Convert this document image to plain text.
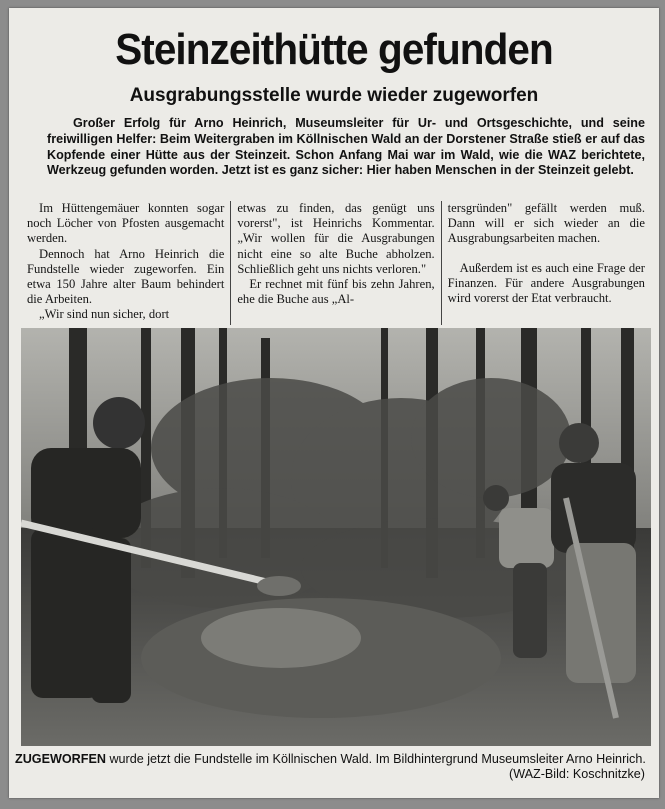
Steinzeithütte gefunden
Ausgrabungsstelle wurde wieder zugeworfen
Großer Erfolg für Arno Heinrich, Museumsleiter für Ur- und Ortsgeschichte, und seine freiwilligen Helfer: Beim Weitergraben im Köllnischen Wald an der Dorstener Straße stieß er auf das Kopfende einer Hütte aus der Steinzeit. Schon Anfang Mai war im Wald, wie die WAZ berichtete, Werkzeug gefunden worden. Jetzt ist es ganz sicher: Hier haben Menschen in der Steinzeit gelebt.

Im Hüttengemäuer konnten sogar noch Löcher von Pfosten ausgemacht werden.

Dennoch hat Arno Heinrich die Fundstelle wieder zugeworfen. Ein etwa 150 Jahre alter Baum behindert die Arbeiten.

„Wir sind nun sicher, dort

etwas zu finden, das genügt uns vorerst", ist Heinrichs Kommentar. „Wir wollen für die Ausgrabungen nicht eine so alte Buche abholzen. Schließlich geht uns nichts verloren."

Er rechnet mit fünf bis zehn Jahren, ehe die Buche aus „Al-

tersgründen" gefällt werden muß. Dann will er sich wieder an die Ausgrabungsarbeiten machen.

Außerdem ist es auch eine Frage der Finanzen. Für andere Ausgrabungen wird vorerst der Etat verbraucht.

ZUGEWORFEN wurde jetzt die Fundstelle im Köllnischen Wald. Im Bildhintergrund Museumsleiter Arno Heinrich.
(WAZ-Bild: Koschnitzke)
